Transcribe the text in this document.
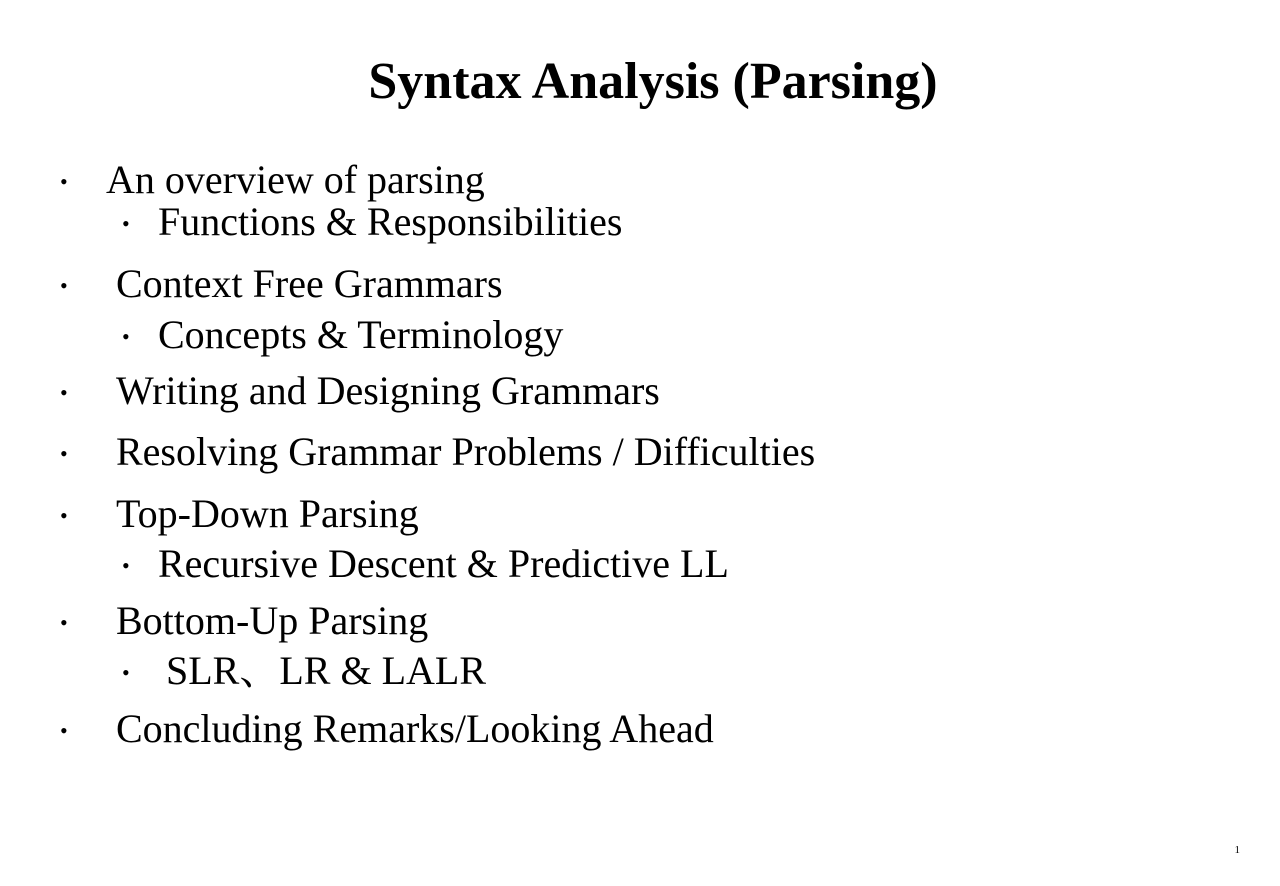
Syntax Analysis (Parsing)
• An overview of parsing
• Functions & Responsibilities
• Context Free Grammars
• Concepts & Terminology
• Writing and Designing Grammars
• Resolving Grammar Problems / Difficulties
• Top-Down Parsing
• Recursive Descent & Predictive LL
• Bottom-Up Parsing
• SLR、LR & LALR
• Concluding Remarks/Looking Ahead
1
